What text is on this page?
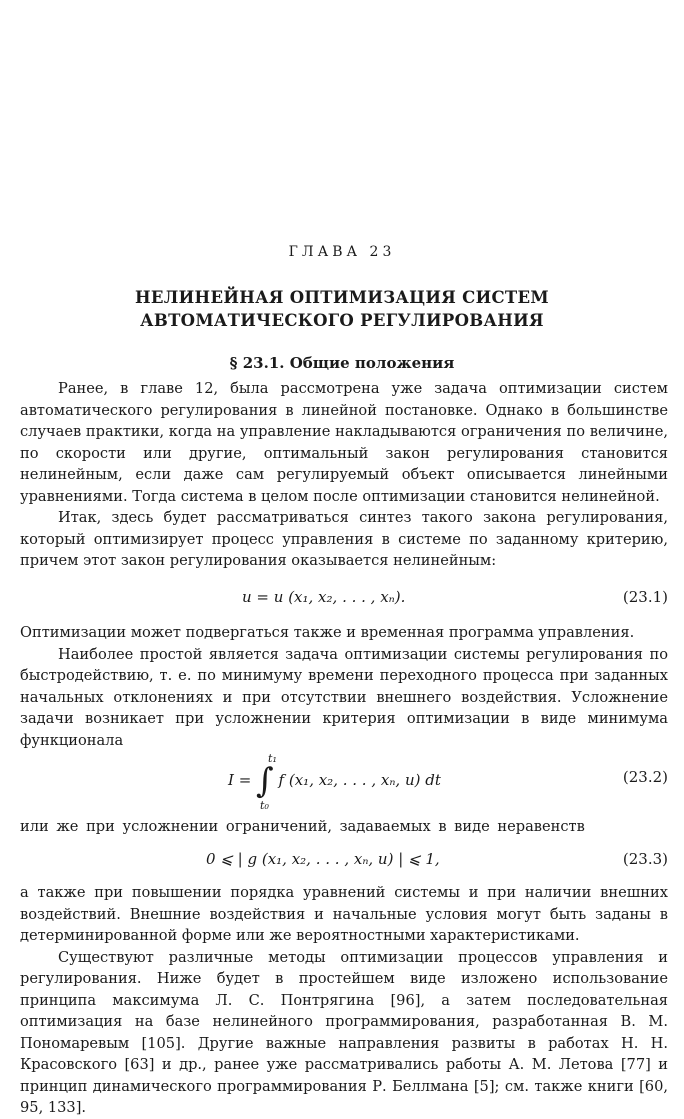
ГЛАВА 23
НЕЛИНЕЙНАЯ ОПТИМИЗАЦИЯ СИСТЕМ
АВТОМАТИЧЕСКОГО РЕГУЛИРОВАНИЯ
§ 23.1. Общие положения

Ранее, в главе 12, была рассмотрена уже задача оптимизации систем автоматического регулирования в линейной постановке. Однако в большинстве случаев практики, когда на управление накладываются ограничения по величине, по скорости или другие, оптимальный закон регулирования становится нелинейным, если даже сам регулируемый объект описывается линейными уравнениями. Тогда система в целом после оптимизации становится нелинейной.

Итак, здесь будет рассматриваться синтез такого закона регулирования, который оптимизирует процесс управления в системе по заданному критерию, причем этот закон регулирования оказывается нелинейным:

u = u (x₁, x₂, . . . , xₙ).	(23.1)

Оптимизации может подвергаться также и временная программа управления.

Наиболее простой является задача оптимизации системы регулирования по быстродействию, т. е. по минимуму времени переходного процесса при заданных начальных отклонениях и при отсутствии внешнего воздействия. Усложнение задачи возникает при усложнении критерия оптимизации в виде минимума функционала

I = ∫
t₁
t₀
f (x₁, x₂, . . . , xₙ, u) dt	(23.2)

или же при усложнении ограничений, задаваемых в виде неравенств

0 ⩽ | g (x₁, x₂, . . . , xₙ, u) | ⩽ 1,	(23.3)

а также при повышении порядка уравнений системы и при наличии внешних воздействий. Внешние воздействия и начальные условия могут быть заданы в детерминированной форме или же вероятностными характеристиками.

Существуют различные методы оптимизации процессов управления и регулирования. Ниже будет в простейшем виде изложено использование принципа максимума Л. С. Понтрягина [96], а затем последовательная оптимизация на базе нелинейного программирования, разработанная В. М. Пономаревым [105]. Другие важные направления развиты в работах Н. Н. Красовского [63] и др., ранее уже рассматривались работы А. М. Летова [77] и принцип динамического программирования Р. Беллмана [5]; см. также книги [60, 95, 133].
